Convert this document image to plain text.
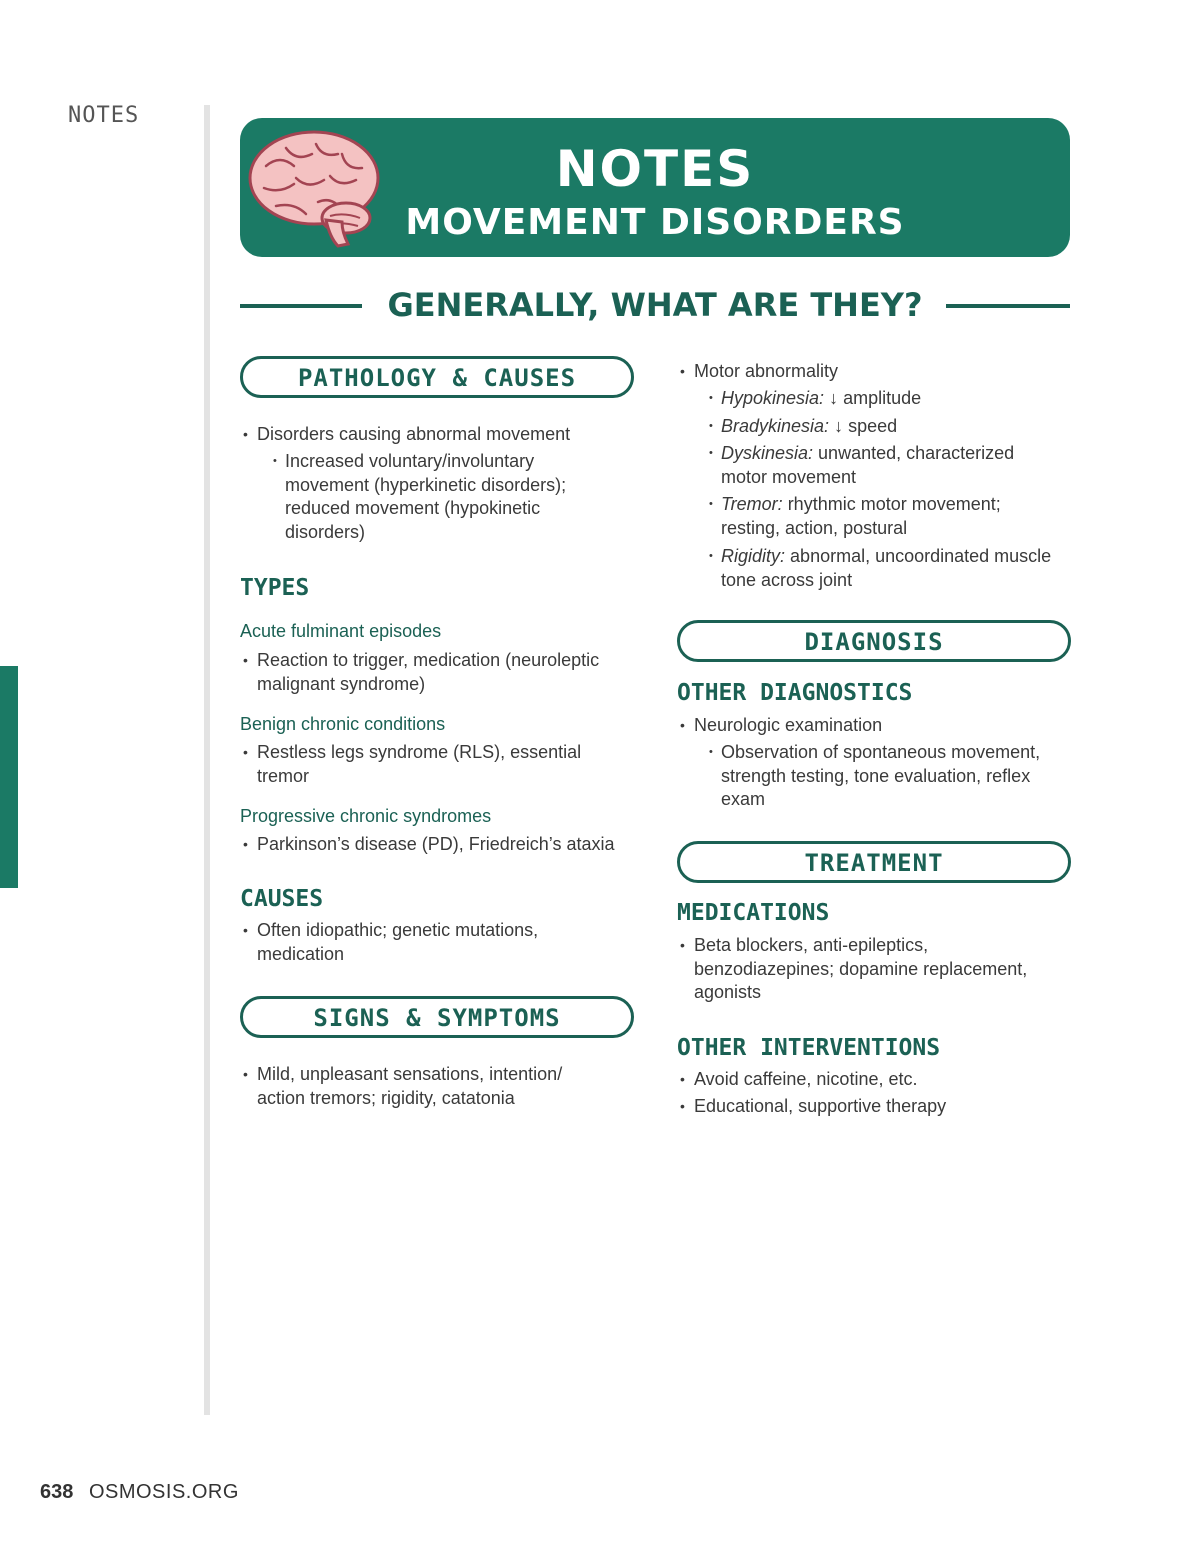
NOTES
NOTES
MOVEMENT DISORDERS
GENERALLY, WHAT ARE THEY?
PATHOLOGY & CAUSES
• Disorders causing abnormal movement
• Increased voluntary/involuntary movement (hyperkinetic disorders); reduced movement (hypokinetic disorders)
TYPES
Acute fulminant episodes
• Reaction to trigger, medication (neuroleptic malignant syndrome)
Benign chronic conditions
• Restless legs syndrome (RLS), essential tremor
Progressive chronic syndromes
• Parkinson’s disease (PD), Friedreich’s ataxia
CAUSES
• Often idiopathic; genetic mutations, medication
SIGNS & SYMPTOMS
• Mild, unpleasant sensations, intention/ action tremors; rigidity, catatonia
• Motor abnormality
• Hypokinesia: ↓ amplitude
• Bradykinesia: ↓ speed
• Dyskinesia: unwanted, characterized motor movement
• Tremor: rhythmic motor movement; resting, action, postural
• Rigidity: abnormal, uncoordinated muscle tone across joint
DIAGNOSIS
OTHER DIAGNOSTICS
• Neurologic examination
• Observation of spontaneous movement, strength testing, tone evaluation, reflex exam
TREATMENT
MEDICATIONS
• Beta blockers, anti-epileptics, benzodiazepines; dopamine replacement, agonists
OTHER INTERVENTIONS
• Avoid caffeine, nicotine, etc.
• Educational, supportive therapy
638 OSMOSIS.ORG
